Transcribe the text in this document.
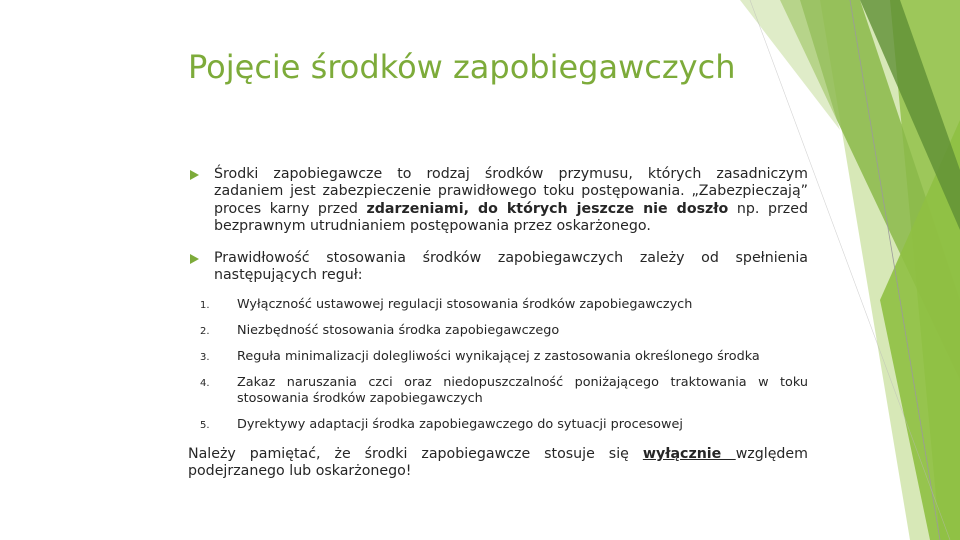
Pojęcie środków zapobiegawczych
Środki zapobiegawcze to rodzaj środków przymusu, których zasadniczym zadaniem jest zabezpieczenie prawidłowego toku postępowania. „Zabezpieczają” proces karny przed zdarzeniami, do których jeszcze nie doszło np. przed bezprawnym utrudnianiem postępowania przez oskarżonego.
Prawidłowość stosowania środków zapobiegawczych zależy od spełnienia następujących reguł:
1. Wyłączność ustawowej regulacji stosowania środków zapobiegawczych
2. Niezbędność stosowania środka zapobiegawczego
3. Reguła minimalizacji dolegliwości wynikającej z zastosowania określonego środka
4. Zakaz naruszania czci oraz niedopuszczalność poniżającego traktowania w toku stosowania środków zapobiegawczych
5. Dyrektywy adaptacji środka zapobiegawczego do sytuacji procesowej
Należy pamiętać, że środki zapobiegawcze stosuje się wyłącznie względem podejrzanego lub oskarżonego!
